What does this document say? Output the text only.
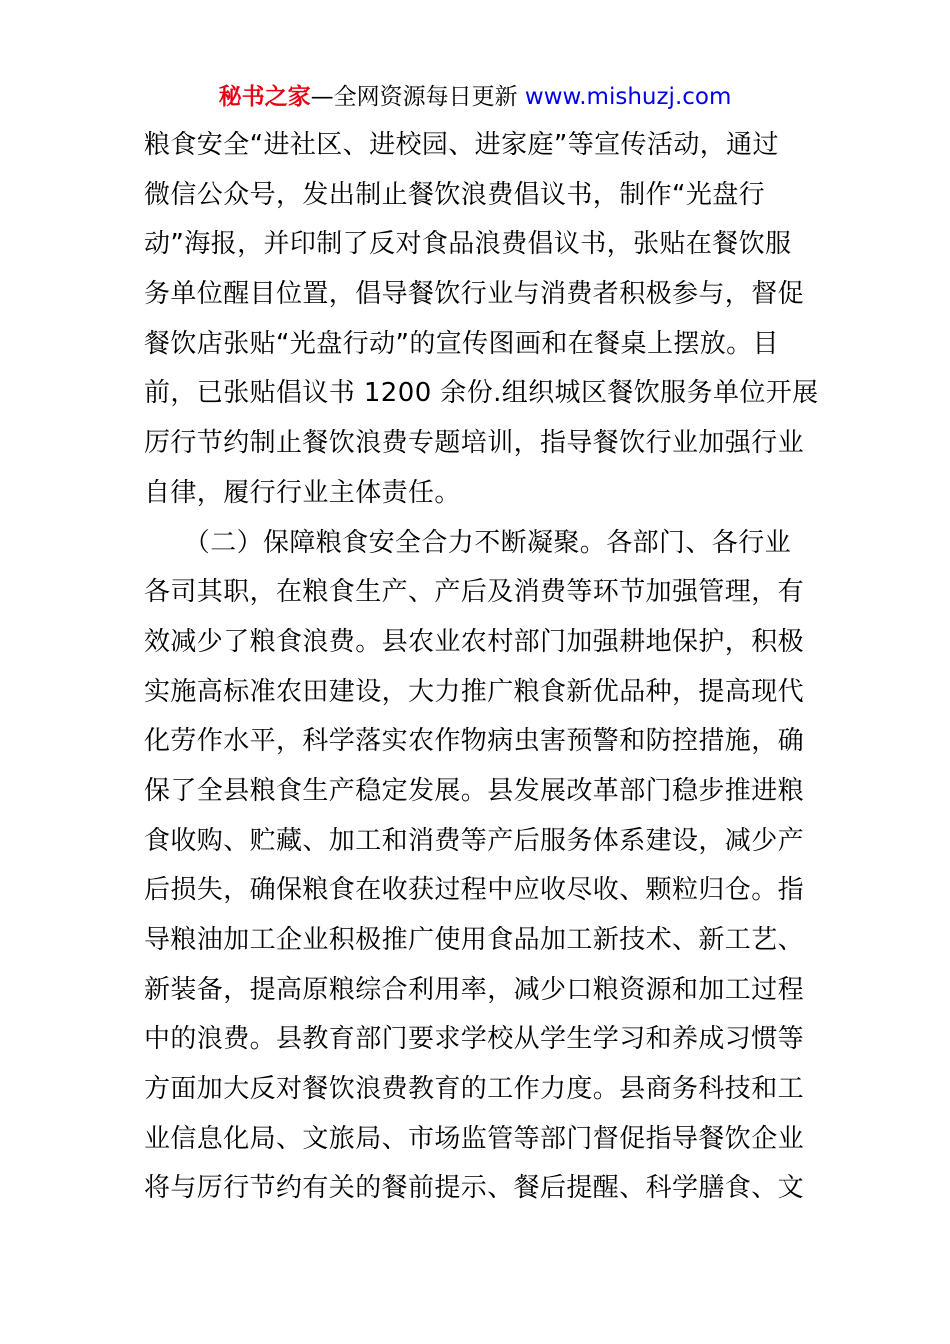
秘书之家—全网资源每日更新 www.mishuzj.com
粮食安全“进社区、进校园、进家庭”等宣传活动，通过
微信公众号，发出制止餐饮浪费倡议书，制作“光盘行
动”海报，并印制了反对食品浪费倡议书，张贴在餐饮服
务单位醒目位置，倡导餐饮行业与消费者积极参与，督促
餐饮店张贴“光盘行动”的宣传图画和在餐桌上摆放。目
前，已张贴倡议书 1200 余份.组织城区餐饮服务单位开展
厉行节约制止餐饮浪费专题培训，指导餐饮行业加强行业
自律，履行行业主体责任。
　　（二）保障粮食安全合力不断凝聚。各部门、各行业
各司其职，在粮食生产、产后及消费等环节加强管理，有
效减少了粮食浪费。县农业农村部门加强耕地保护，积极
实施高标准农田建设，大力推广粮食新优品种，提高现代
化劳作水平，科学落实农作物病虫害预警和防控措施，确
保了全县粮食生产稳定发展。县发展改革部门稳步推进粮
食收购、贮藏、加工和消费等产后服务体系建设，减少产
后损失，确保粮食在收获过程中应收尽收、颗粒归仓。指
导粮油加工企业积极推广使用食品加工新技术、新工艺、
新装备，提高原粮综合利用率，减少口粮资源和加工过程
中的浪费。县教育部门要求学校从学生学习和养成习惯等
方面加大反对餐饮浪费教育的工作力度。县商务科技和工
业信息化局、文旅局、市场监管等部门督促指导餐饮企业
将与厉行节约有关的餐前提示、餐后提醒、科学膳食、文
